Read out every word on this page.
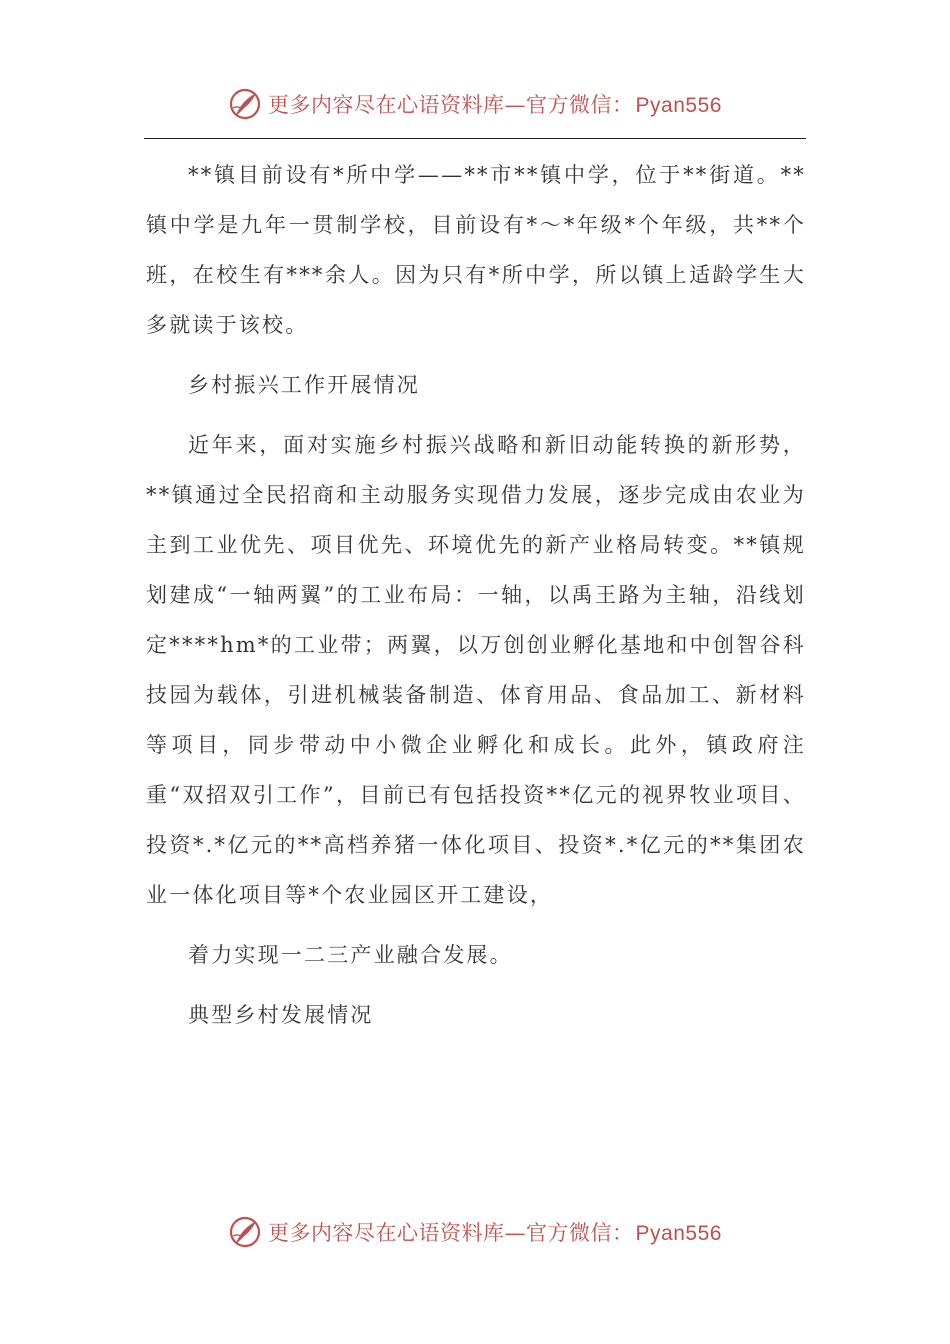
更多内容尽在心语资料库—官方微信：Pyan556

**镇目前设有*所中学——**市**镇中学，位于**街道。**镇中学是九年一贯制学校，目前设有*～*年级*个年级，共**个班，在校生有***余人。因为只有*所中学，所以镇上适龄学生大多就读于该校。

乡村振兴工作开展情况

近年来，面对实施乡村振兴战略和新旧动能转换的新形势，**镇通过全民招商和主动服务实现借力发展，逐步完成由农业为主到工业优先、项目优先、环境优先的新产业格局转变。**镇规划建成“一轴两翼”的工业布局：一轴，以禹王路为主轴，沿线划定****hm*的工业带；两翼，以万创创业孵化基地和中创智谷科技园为载体，引进机械装备制造、体育用品、食品加工、新材料等项目，同步带动中小微企业孵化和成长。此外，镇政府注重“双招双引工作”，目前已有包括投资**亿元的视界牧业项目、投资*.*亿元的**高档养猪一体化项目、投资*.*亿元的**集团农业一体化项目等*个农业园区开工建设，

着力实现一二三产业融合发展。

典型乡村发展情况

更多内容尽在心语资料库—官方微信：Pyan556
